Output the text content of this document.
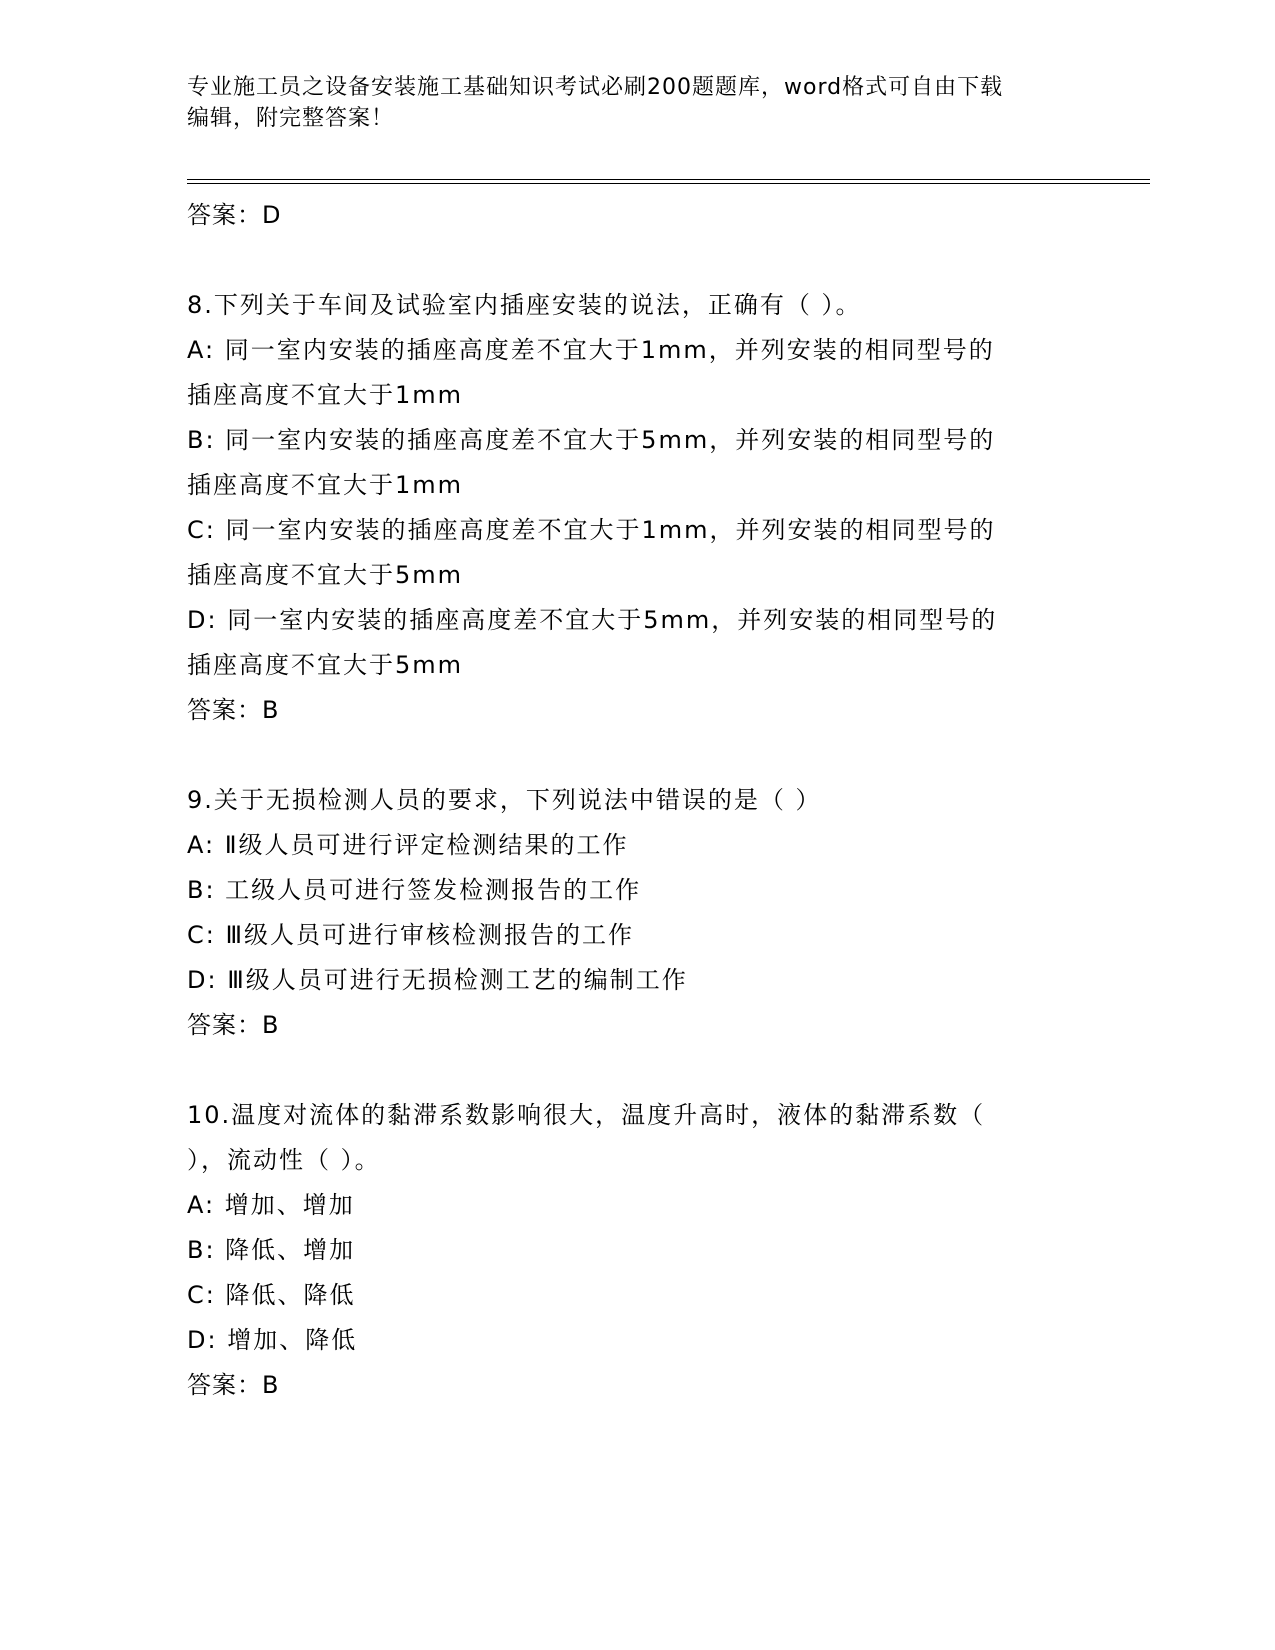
专业施工员之设备安装施工基础知识考试必刷200题题库，word格式可自由下载
编辑，附完整答案！
答案：D
8.下列关于车间及试验室内插座安装的说法，正确有（ ）。
A: 同一室内安装的插座高度差不宜大于1mm，并列安装的相同型号的
插座高度不宜大于1mm
B: 同一室内安装的插座高度差不宜大于5mm，并列安装的相同型号的
插座高度不宜大于1mm
C: 同一室内安装的插座高度差不宜大于1mm，并列安装的相同型号的
插座高度不宜大于5mm
D: 同一室内安装的插座高度差不宜大于5mm，并列安装的相同型号的
插座高度不宜大于5mm
答案：B
9.关于无损检测人员的要求，下列说法中错误的是（ ）
A: Ⅱ级人员可进行评定检测结果的工作
B: 工级人员可进行签发检测报告的工作
C: Ⅲ级人员可进行审核检测报告的工作
D: Ⅲ级人员可进行无损检测工艺的编制工作
答案：B
10.温度对流体的黏滞系数影响很大，温度升高时，液体的黏滞系数（
），流动性（ ）。
A: 增加、增加
B: 降低、增加
C: 降低、降低
D: 增加、降低
答案：B
